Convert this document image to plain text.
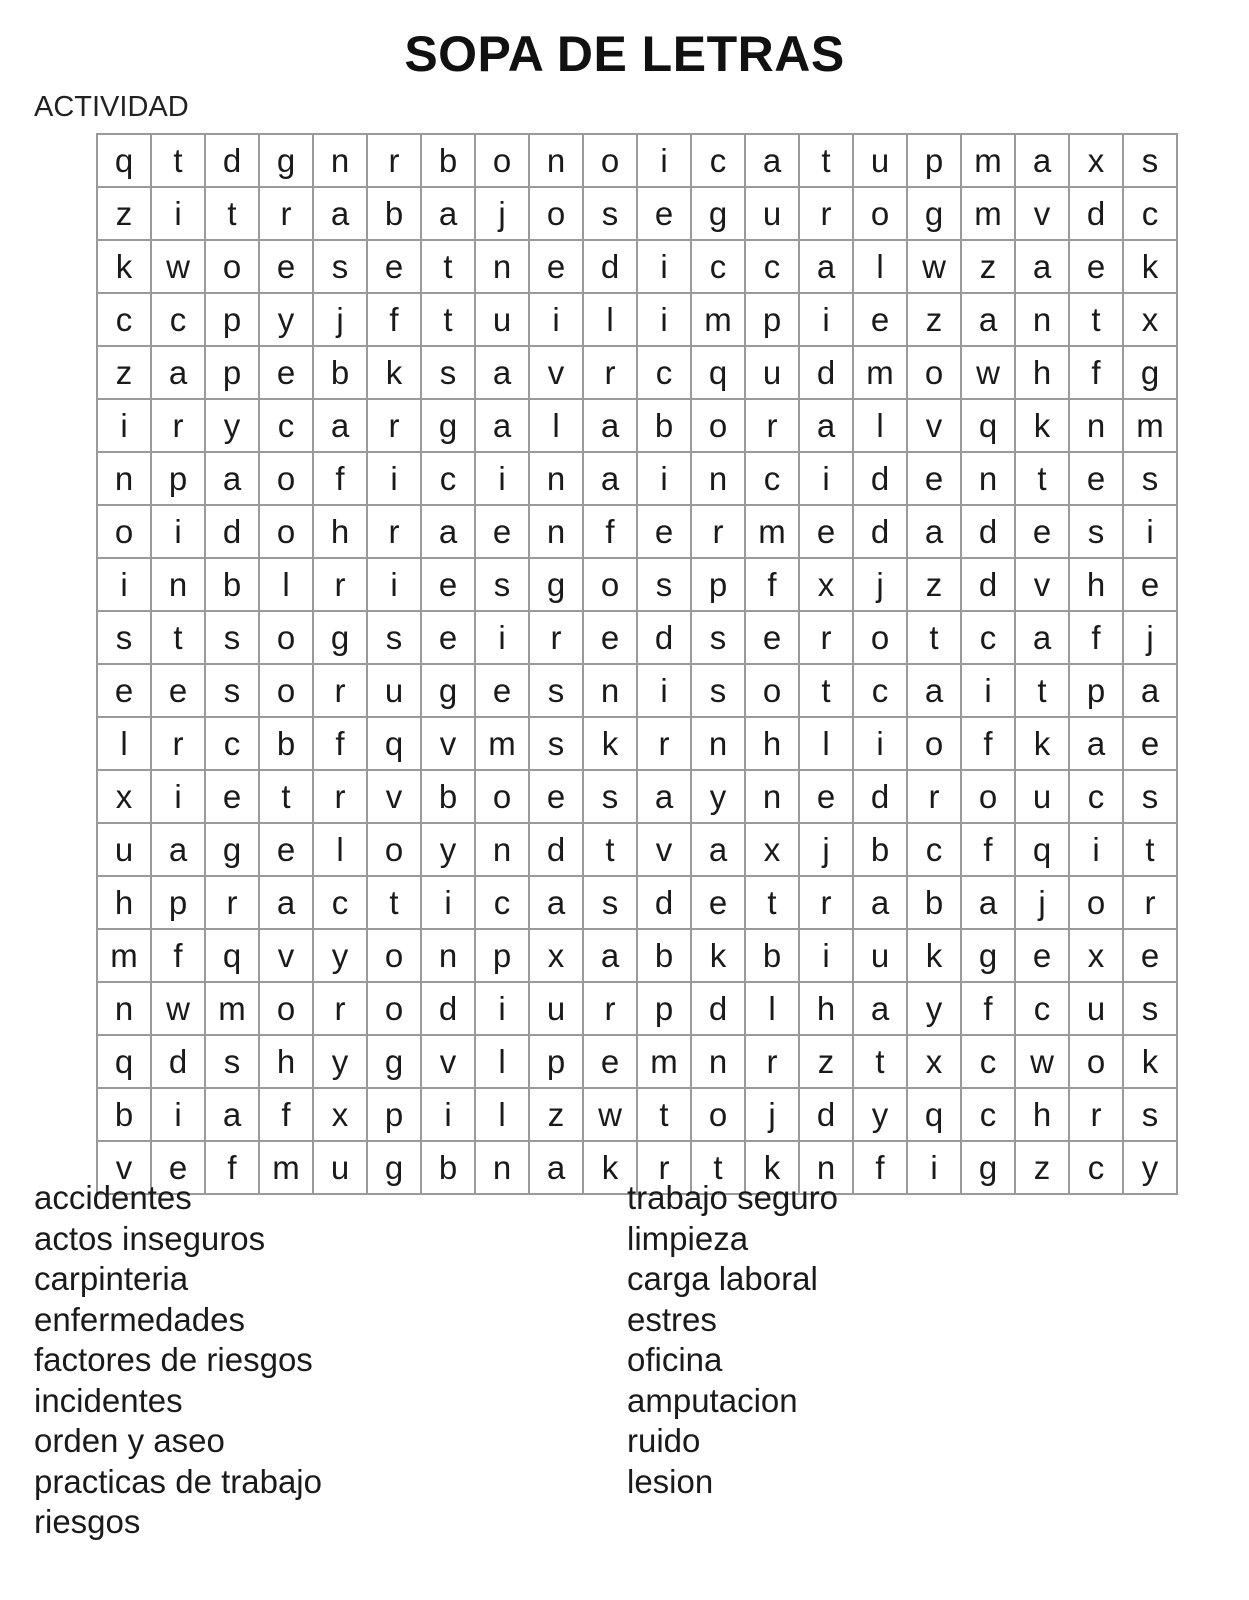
SOPA DE LETRAS
ACTIVIDAD
q	t	d	g	n	r	b	o	n	o	i	c	a	t	u	p	m	a	x	s
z	i	t	r	a	b	a	j	o	s	e	g	u	r	o	g	m	v	d	c
k	w	o	e	s	e	t	n	e	d	i	c	c	a	l	w	z	a	e	k
c	c	p	y	j	f	t	u	i	l	i	m	p	i	e	z	a	n	t	x
z	a	p	e	b	k	s	a	v	r	c	q	u	d	m	o	w	h	f	g
i	r	y	c	a	r	g	a	l	a	b	o	r	a	l	v	q	k	n	m
n	p	a	o	f	i	c	i	n	a	i	n	c	i	d	e	n	t	e	s
o	i	d	o	h	r	a	e	n	f	e	r	m	e	d	a	d	e	s	i
i	n	b	l	r	i	e	s	g	o	s	p	f	x	j	z	d	v	h	e
s	t	s	o	g	s	e	i	r	e	d	s	e	r	o	t	c	a	f	j
e	e	s	o	r	u	g	e	s	n	i	s	o	t	c	a	i	t	p	a
l	r	c	b	f	q	v	m	s	k	r	n	h	l	i	o	f	k	a	e
x	i	e	t	r	v	b	o	e	s	a	y	n	e	d	r	o	u	c	s
u	a	g	e	l	o	y	n	d	t	v	a	x	j	b	c	f	q	i	t
h	p	r	a	c	t	i	c	a	s	d	e	t	r	a	b	a	j	o	r
m	f	q	v	y	o	n	p	x	a	b	k	b	i	u	k	g	e	x	e
n	w	m	o	r	o	d	i	u	r	p	d	l	h	a	y	f	c	u	s
q	d	s	h	y	g	v	l	p	e	m	n	r	z	t	x	c	w	o	k
b	i	a	f	x	p	i	l	z	w	t	o	j	d	y	q	c	h	r	s
v	e	f	m	u	g	b	n	a	k	r	t	k	n	f	i	g	z	c	y
accidentes
actos inseguros
carpinteria
enfermedades
factores de riesgos
incidentes
orden y aseo
practicas de trabajo
riesgos
trabajo seguro
limpieza
carga laboral
estres
oficina
amputacion
ruido
lesion
